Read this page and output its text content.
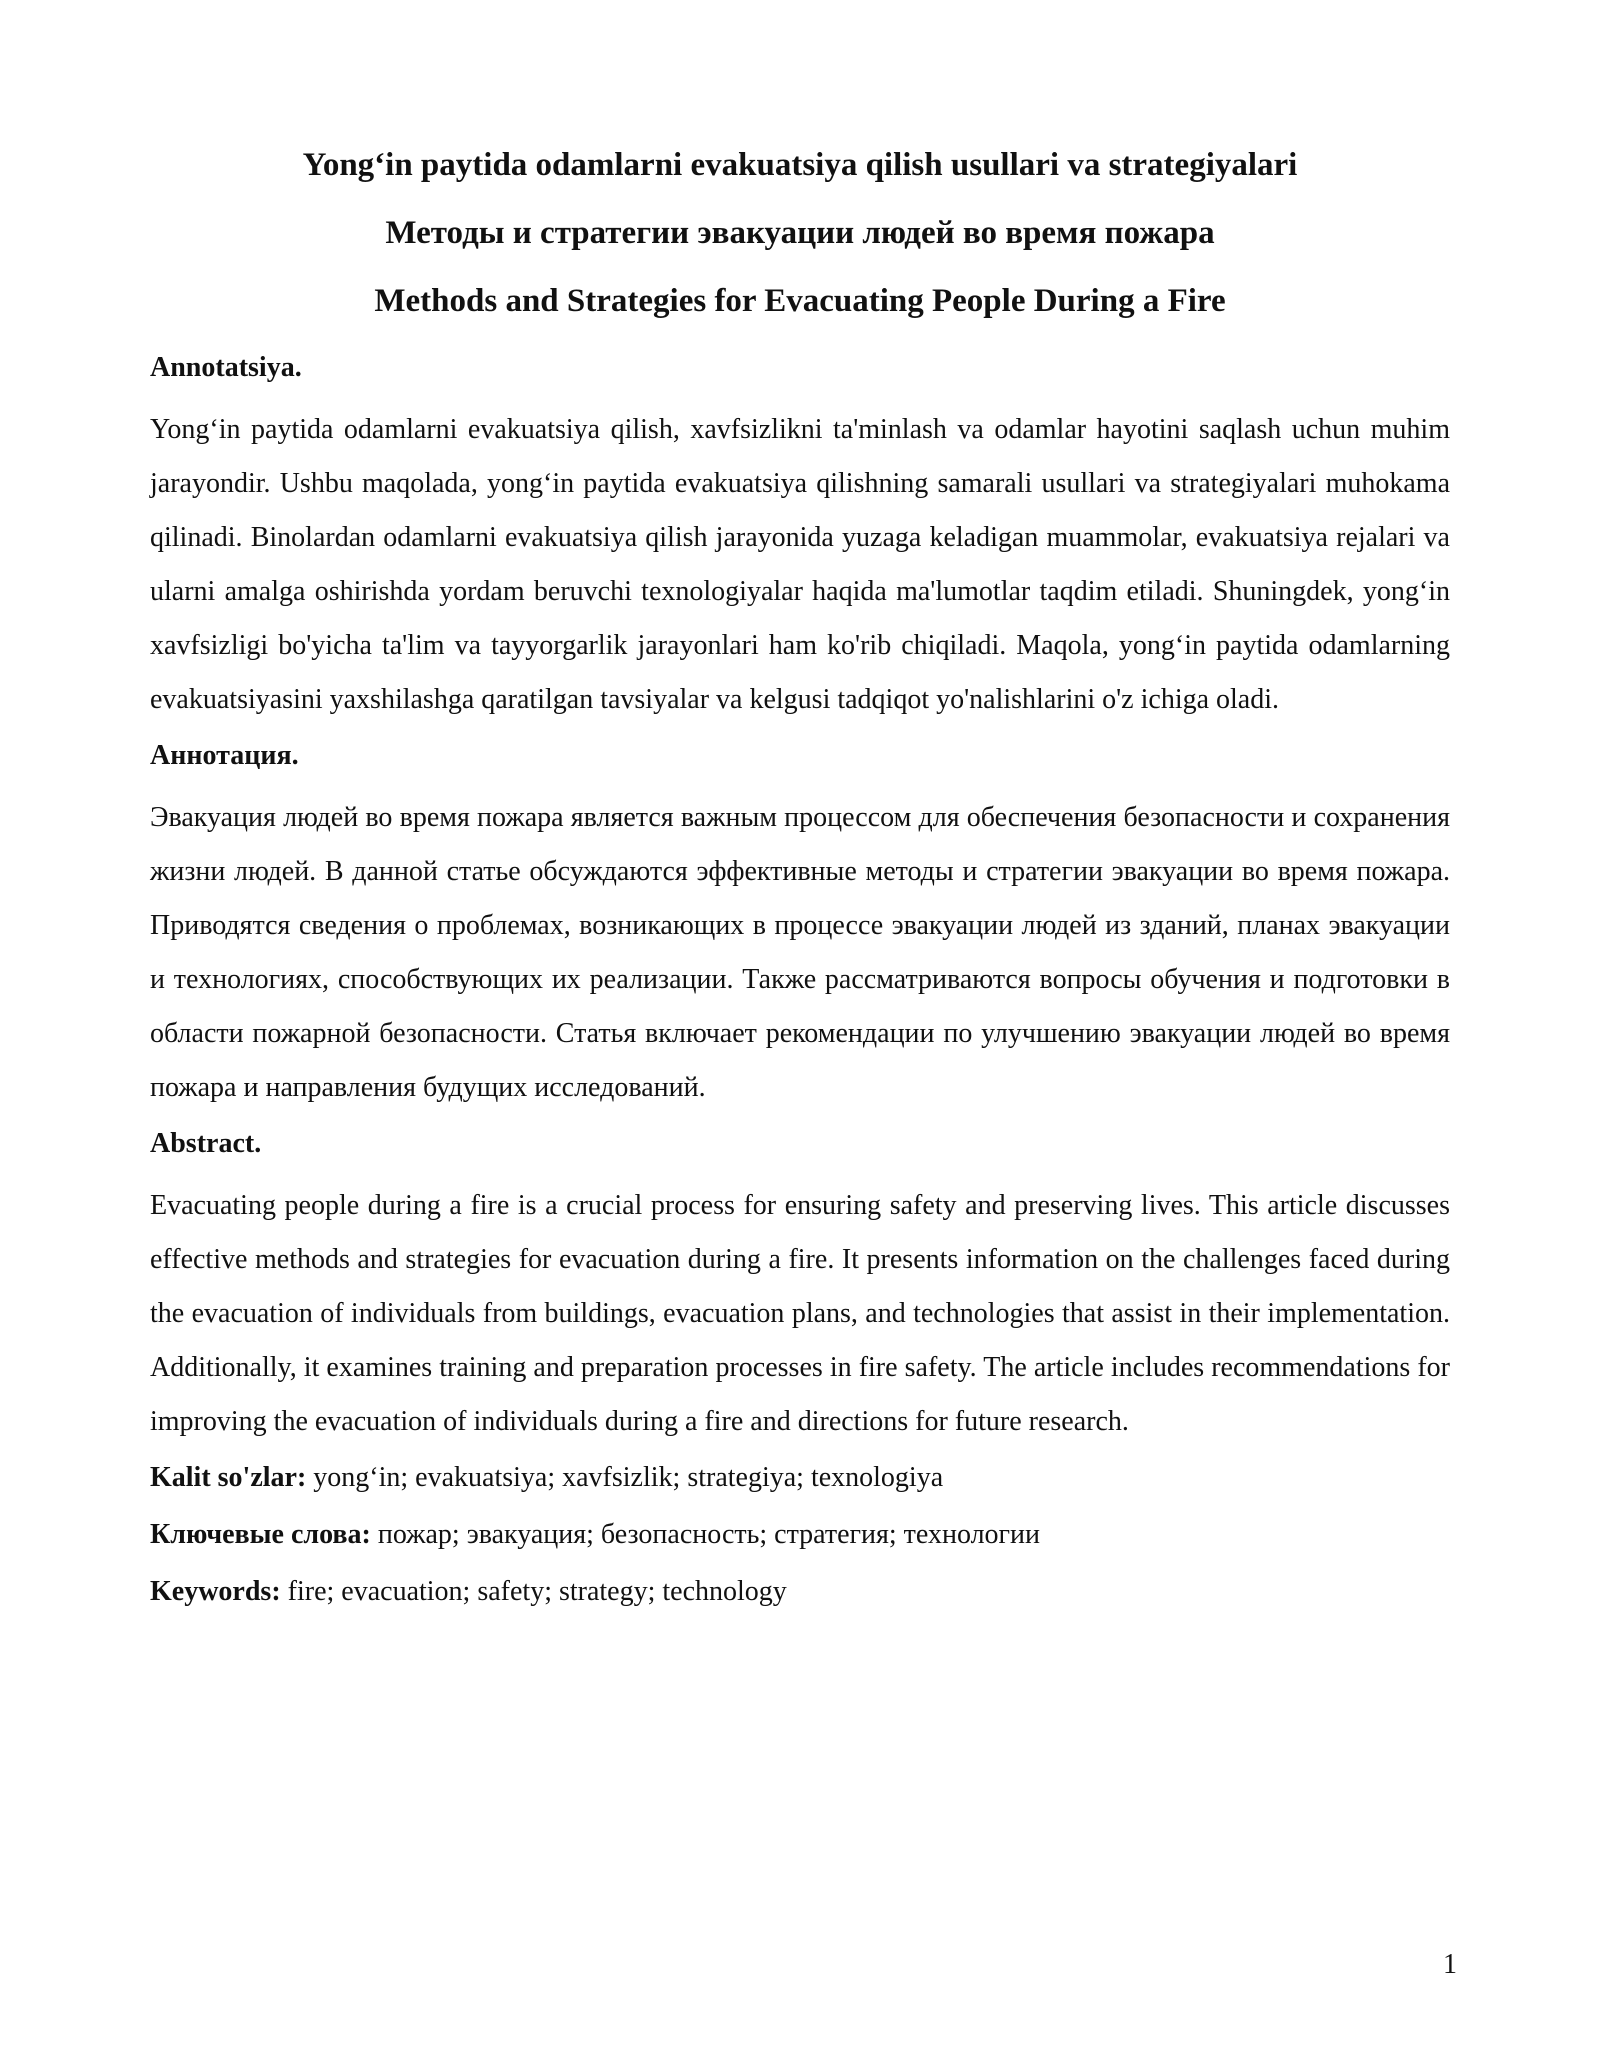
Yong‘in paytida odamlarni evakuatsiya qilish usullari va strategiyalari
Методы и стратегии эвакуации людей во время пожара
Methods and Strategies for Evacuating People During a Fire
Annotatsiya.

Yong‘in paytida odamlarni evakuatsiya qilish, xavfsizlikni ta'minlash va odamlar hayotini saqlash uchun muhim jarayondir. Ushbu maqolada, yong‘in paytida evakuatsiya qilishning samarali usullari va strategiyalari muhokama qilinadi. Binolardan odamlarni evakuatsiya qilish jarayonida yuzaga keladigan muammolar, evakuatsiya rejalari va ularni amalga oshirishda yordam beruvchi texnologiyalar haqida ma'lumotlar taqdim etiladi. Shuningdek, yong‘in xavfsizligi bo'yicha ta'lim va tayyorgarlik jarayonlari ham ko'rib chiqiladi. Maqola, yong‘in paytida odamlarning evakuatsiyasini yaxshilashga qaratilgan tavsiyalar va kelgusi tadqiqot yo'nalishlarini o'z ichiga oladi.

Аннотация.

Эвакуация людей во время пожара является важным процессом для обеспечения безопасности и сохранения жизни людей. В данной статье обсуждаются эффективные методы и стратегии эвакуации во время пожара. Приводятся сведения о проблемах, возникающих в процессе эвакуации людей из зданий, планах эвакуации и технологиях, способствующих их реализации. Также рассматриваются вопросы обучения и подготовки в области пожарной безопасности. Статья включает рекомендации по улучшению эвакуации людей во время пожара и направления будущих исследований.

Abstract.

Evacuating people during a fire is a crucial process for ensuring safety and preserving lives. This article discusses effective methods and strategies for evacuation during a fire. It presents information on the challenges faced during the evacuation of individuals from buildings, evacuation plans, and technologies that assist in their implementation. Additionally, it examines training and preparation processes in fire safety. The article includes recommendations for improving the evacuation of individuals during a fire and directions for future research.

Kalit so'zlar: yong‘in; evakuatsiya; xavfsizlik; strategiya; texnologiya
Ключевые слова: пожар; эвакуация; безопасность; стратегия; технологии
Keywords: fire; evacuation; safety; strategy; technology
1
